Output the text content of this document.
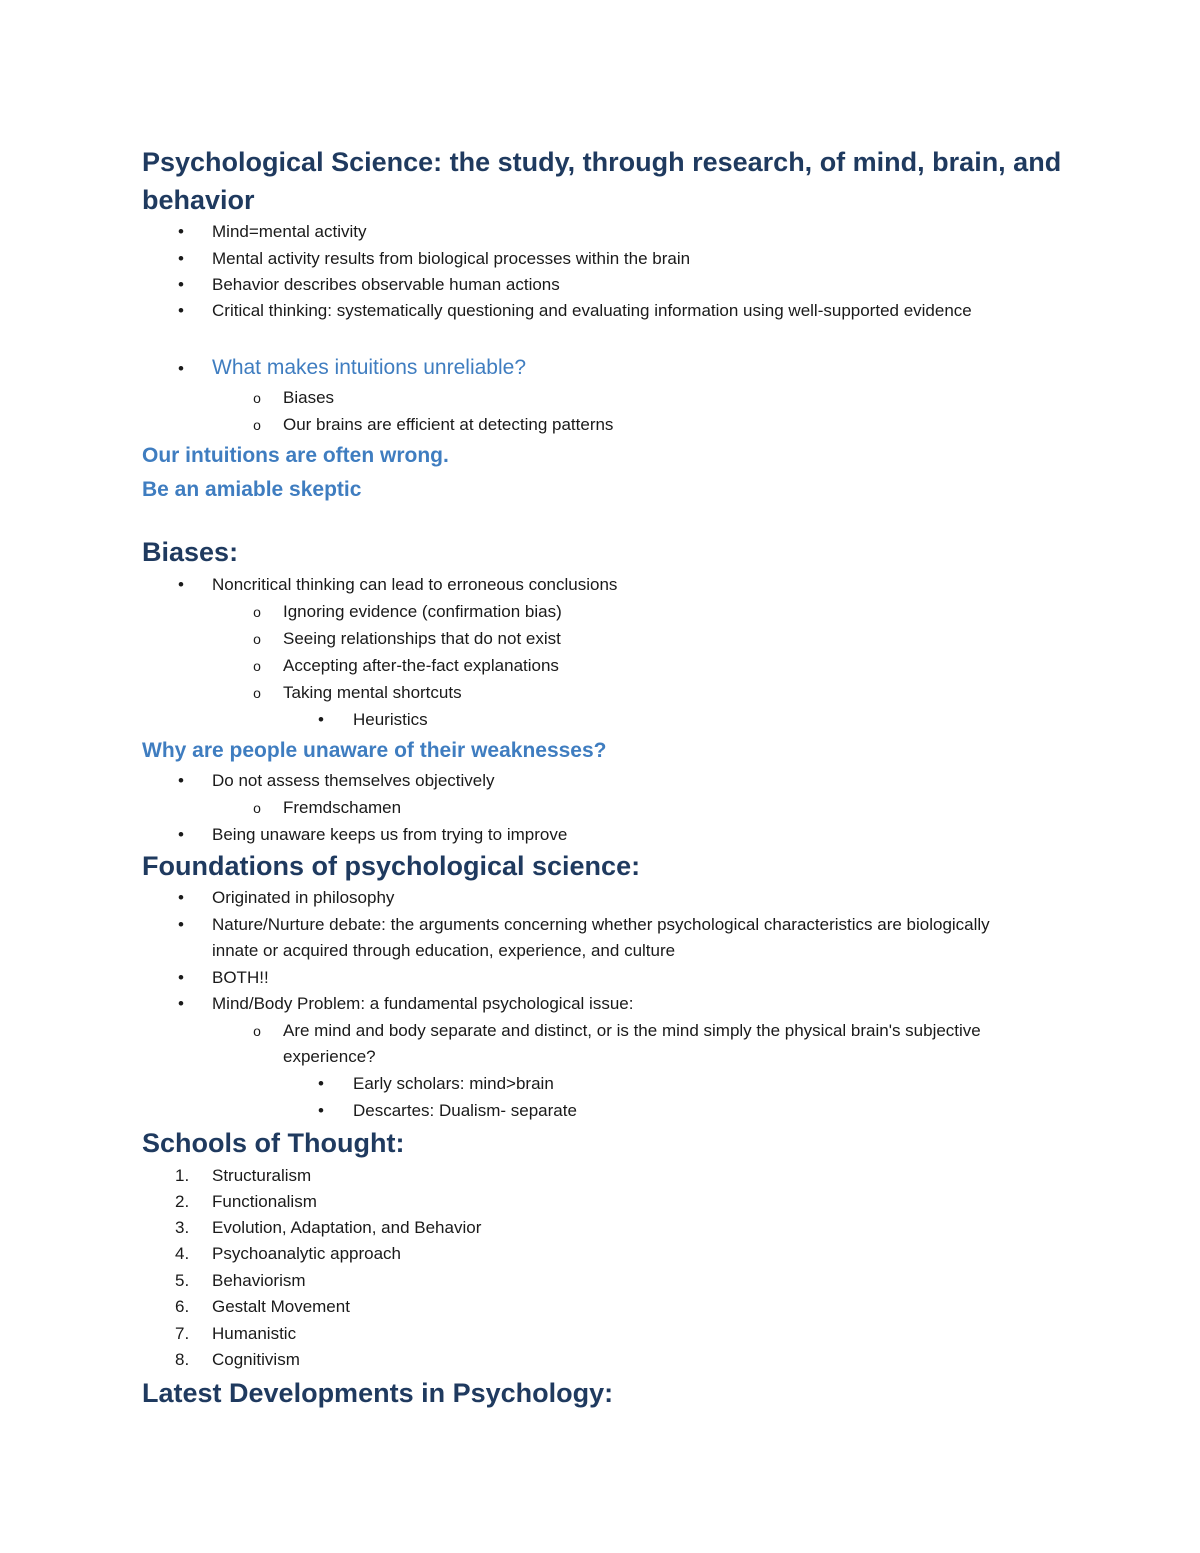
Psychological Science: the study, through research, of mind, brain, and behavior
• Mind=mental activity
• Mental activity results from biological processes within the brain
• Behavior describes observable human actions
• Critical thinking: systematically questioning and evaluating information using well-supported evidence
• What makes intuitions unreliable?
o Biases
o Our brains are efficient at detecting patterns
Our intuitions are often wrong.
Be an amiable skeptic
Biases:
• Noncritical thinking can lead to erroneous conclusions
o Ignoring evidence (confirmation bias)
o Seeing relationships that do not exist
o Accepting after-the-fact explanations
o Taking mental shortcuts
• Heuristics
Why are people unaware of their weaknesses?
• Do not assess themselves objectively
o Fremdschamen
• Being unaware keeps us from trying to improve
Foundations of psychological science:
• Originated in philosophy
• Nature/Nurture debate: the arguments concerning whether psychological characteristics are biologically innate or acquired through education, experience, and culture
• BOTH!!
• Mind/Body Problem: a fundamental psychological issue:
o Are mind and body separate and distinct, or is the mind simply the physical brain's subjective experience?
• Early scholars: mind>brain
• Descartes: Dualism- separate
Schools of Thought:
1.	Structuralism
2.	Functionalism
3.	Evolution, Adaptation, and Behavior
4.	Psychoanalytic approach
5.	Behaviorism
6.	Gestalt Movement
7.	Humanistic
8.	Cognitivism
Latest Developments in Psychology:
